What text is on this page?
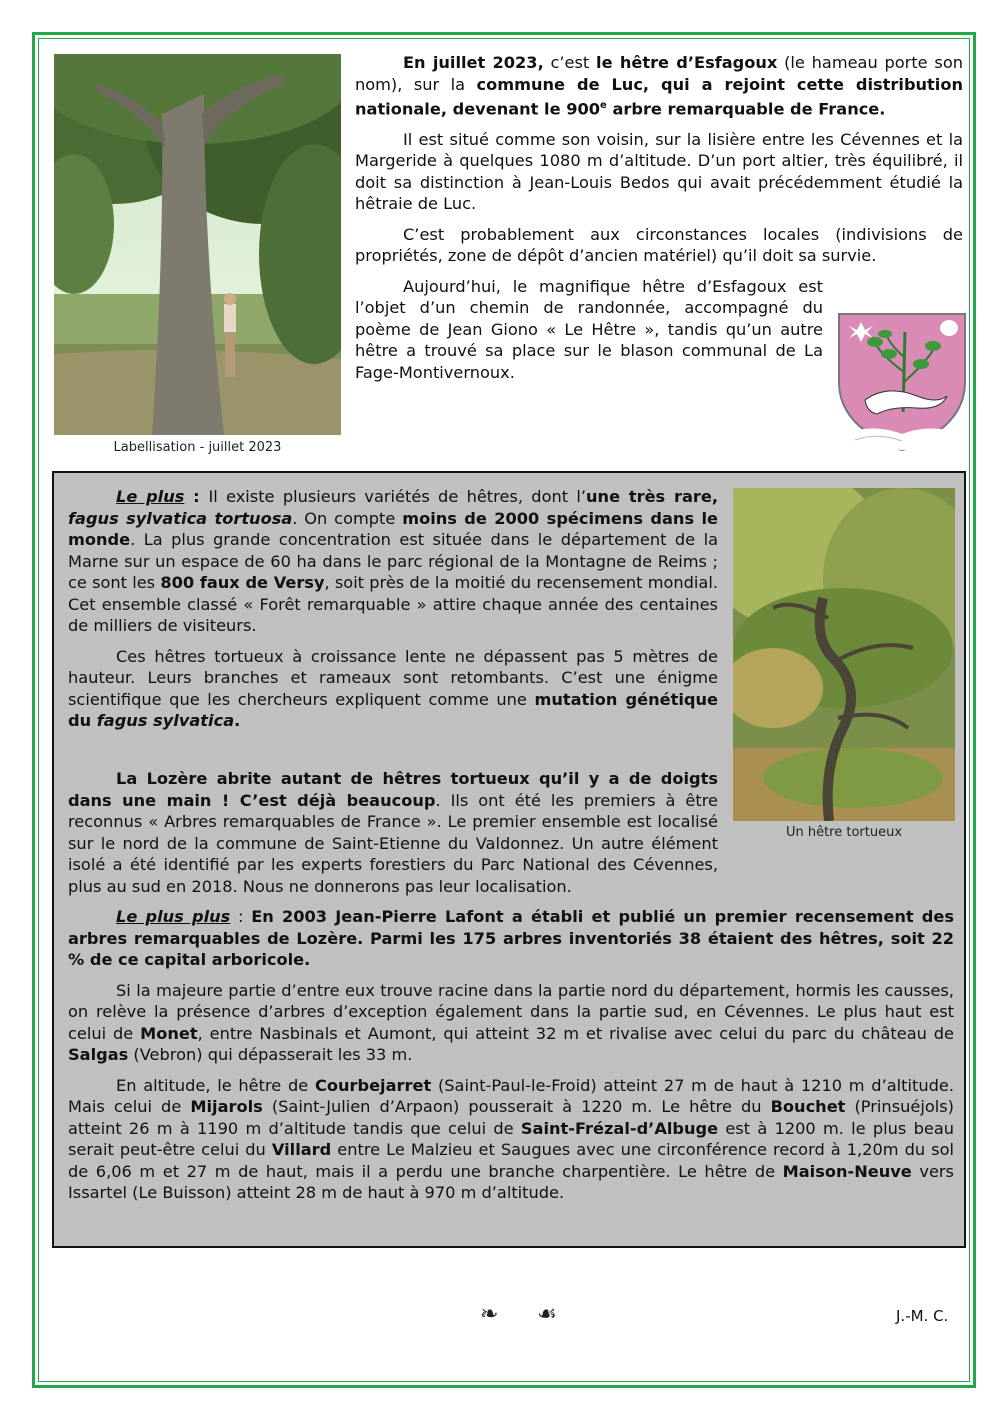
Labellisation - juillet 2023

En juillet 2023, c’est le hêtre d’Esfagoux (le hameau porte son nom), sur la commune de Luc, qui a rejoint cette distribution nationale, devenant le 900e arbre remarquable de France.

Il est situé comme son voisin, sur la lisière entre les Cévennes et la Margeride à quelques 1080 m d’altitude. D’un port altier, très équilibré, il doit sa distinction à Jean-Louis Bedos qui avait précédemment étudié la hêtraie de Luc.

C’est probablement aux circonstances locales (indivisions de propriétés, zone de dépôt d’ancien matériel) qu’il doit sa survie.

Aujourd’hui, le magnifique hêtre d’Esfagoux est l’objet d’un chemin de randonnée, accompagné du poème de Jean Giono « Le Hêtre », tandis qu’un autre hêtre a trouvé sa place sur le blason communal de La Fage-Montivernoux.

Un hêtre tortueux

Le plus : Il existe plusieurs variétés de hêtres, dont l’une très rare, fagus sylvatica tortuosa. On compte moins de 2000 spécimens dans le monde. La plus grande concentration est située dans le département de la Marne sur un espace de 60 ha dans le parc régional de la Montagne de Reims ; ce sont les 800 faux de Versy, soit près de la moitié du recensement mondial. Cet ensemble classé « Forêt remarquable » attire chaque année des centaines de milliers de visiteurs.

Ces hêtres tortueux à croissance lente ne dépassent pas 5 mètres de hauteur. Leurs branches et rameaux sont retombants. C’est une énigme scientifique que les chercheurs expliquent comme une mutation génétique du fagus sylvatica.

La Lozère abrite autant de hêtres tortueux qu’il y a de doigts dans une main ! C’est déjà beaucoup. Ils ont été les premiers à être reconnus « Arbres remarquables de France ». Le premier ensemble est localisé sur le nord de la commune de Saint-Etienne du Valdonnez. Un autre élément isolé a été identifié par les experts forestiers du Parc National des Cévennes, plus au sud en 2018. Nous ne donnerons pas leur localisation.

Le plus plus : En 2003 Jean-Pierre Lafont a établi et publié un premier recensement des arbres remarquables de Lozère. Parmi les 175 arbres inventoriés 38 étaient des hêtres, soit 22 % de ce capital arboricole.

Si la majeure partie d’entre eux trouve racine dans la partie nord du département, hormis les causses, on relève la présence d’arbres d’exception également dans la partie sud, en Cévennes. Le plus haut est celui de Monet, entre Nasbinals et Aumont, qui atteint 32 m et rivalise avec celui du parc du château de Salgas (Vebron) qui dépasserait les 33 m.

En altitude, le hêtre de Courbejarret (Saint-Paul-le-Froid) atteint 27 m de haut à 1210 m d’altitude. Mais celui de Mijarols (Saint-Julien d’Arpaon) pousserait à 1220 m. Le hêtre du Bouchet (Prinsuéjols) atteint 26 m à 1190 m d’altitude tandis que celui de Saint-Frézal-d’Albuge est à 1200 m. le plus beau serait peut-être celui du Villard entre Le Malzieu et Saugues avec une circonférence record à 1,20m du sol de 6,06 m et 27 m de haut, mais il a perdu une branche charpentière. Le hêtre de Maison-Neuve vers Issartel (Le Buisson) atteint 28 m de haut à 970 m d’altitude.

❧ ☙	J.-M. C.
